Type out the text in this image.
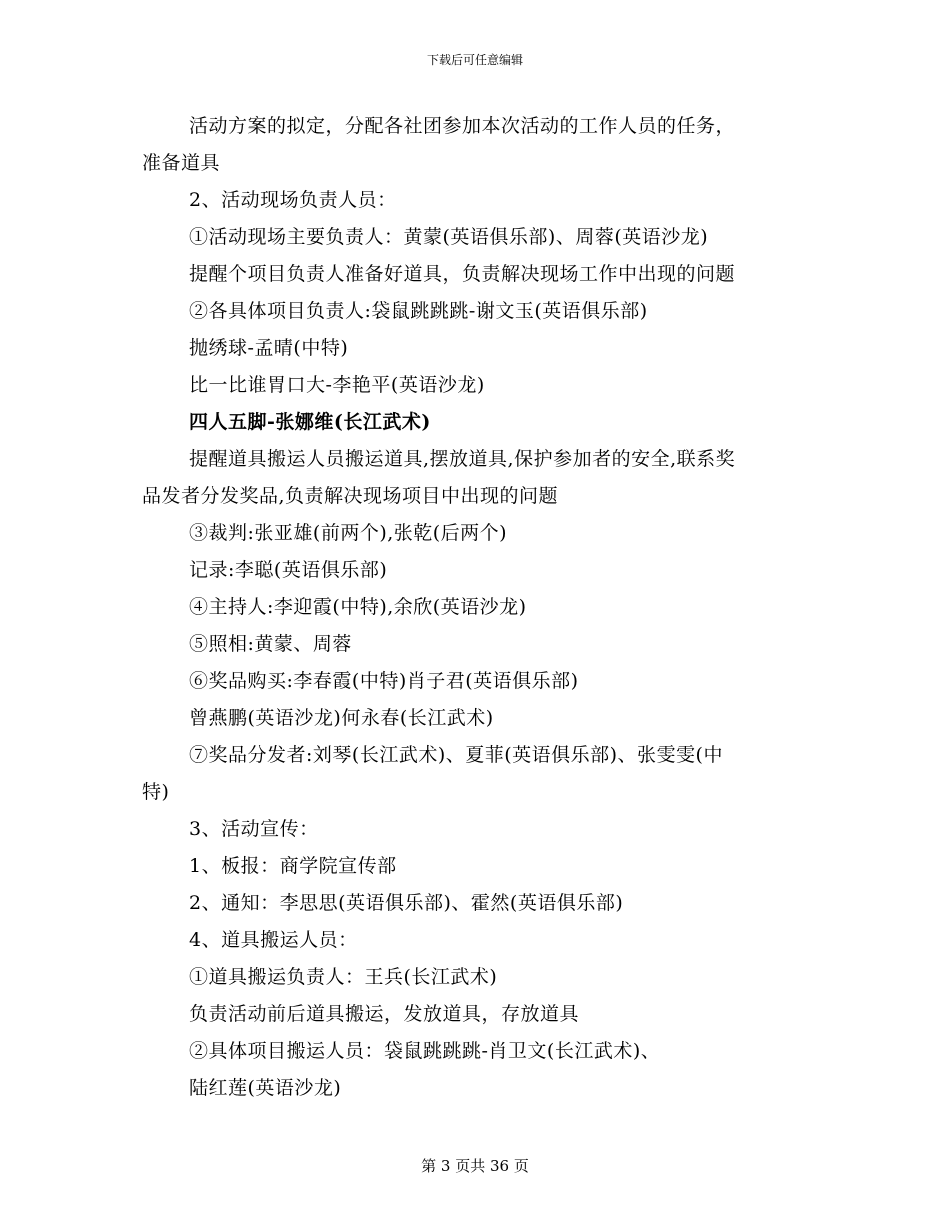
下载后可任意编辑
活动方案的拟定，分配各社团参加本次活动的工作人员的任务，
准备道具
2、活动现场负责人员：
①活动现场主要负责人：黄蒙(英语俱乐部)、周蓉(英语沙龙)
提醒个项目负责人准备好道具，负责解决现场工作中出现的问题
②各具体项目负责人:袋鼠跳跳跳-谢文玉(英语俱乐部)
抛绣球-孟晴(中特)
比一比谁胃口大-李艳平(英语沙龙)
四人五脚-张娜维(长江武术)
提醒道具搬运人员搬运道具,摆放道具,保护参加者的安全,联系奖
品发者分发奖品,负责解决现场项目中出现的问题
③裁判:张亚雄(前两个),张乾(后两个)
记录:李聪(英语俱乐部)
④主持人:李迎霞(中特),余欣(英语沙龙)
⑤照相:黄蒙、周蓉
⑥奖品购买:李春霞(中特)肖子君(英语俱乐部)
曾燕鹏(英语沙龙)何永春(长江武术)
⑦奖品分发者:刘琴(长江武术)、夏菲(英语俱乐部)、张雯雯(中
特)
3、活动宣传：
1、板报：商学院宣传部
2、通知：李思思(英语俱乐部)、霍然(英语俱乐部)
4、道具搬运人员：
①道具搬运负责人：王兵(长江武术)
负责活动前后道具搬运，发放道具，存放道具
②具体项目搬运人员：袋鼠跳跳跳-肖卫文(长江武术)、
陆红莲(英语沙龙)
第 3 页共 36 页
